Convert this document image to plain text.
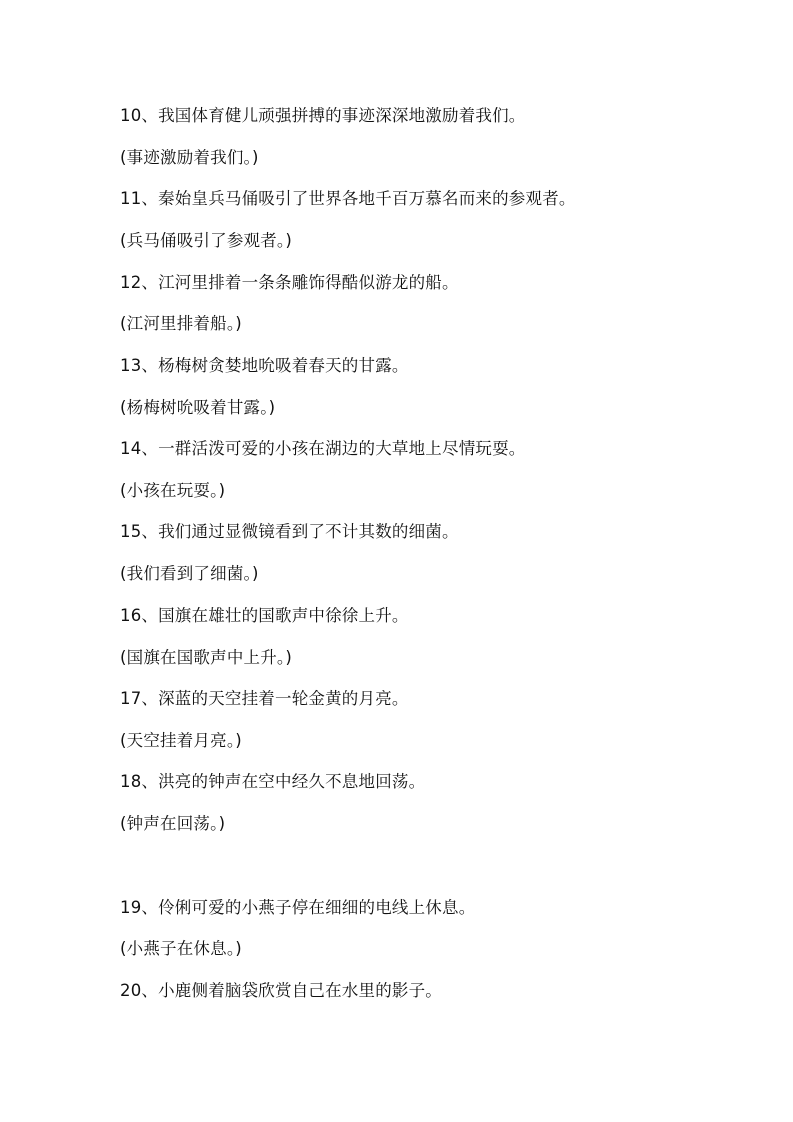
10、我国体育健儿顽强拼搏的事迹深深地激励着我们。
(事迹激励着我们。)
11、秦始皇兵马俑吸引了世界各地千百万慕名而来的参观者。
(兵马俑吸引了参观者。)
12、江河里排着一条条雕饰得酷似游龙的船。
(江河里排着船。)
13、杨梅树贪婪地吮吸着春天的甘露。
(杨梅树吮吸着甘露。)
14、一群活泼可爱的小孩在湖边的大草地上尽情玩耍。
(小孩在玩耍。)
15、我们通过显微镜看到了不计其数的细菌。
(我们看到了细菌。)
16、国旗在雄壮的国歌声中徐徐上升。
(国旗在国歌声中上升。)
17、深蓝的天空挂着一轮金黄的月亮。
(天空挂着月亮。)
18、洪亮的钟声在空中经久不息地回荡。
(钟声在回荡。)
19、伶俐可爱的小燕子停在细细的电线上休息。
(小燕子在休息。)
20、小鹿侧着脑袋欣赏自己在水里的影子。
